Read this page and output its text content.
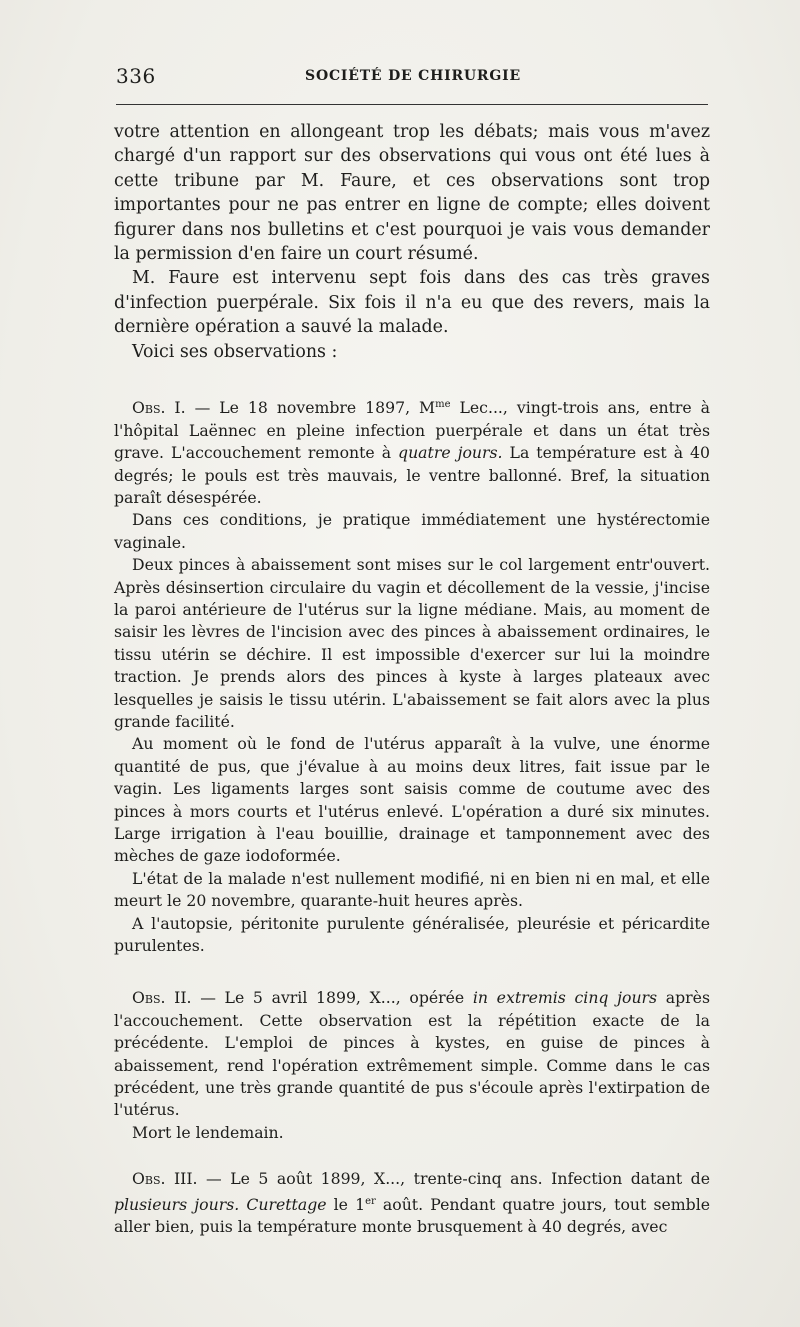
336	SOCIÉTÉ DE CHIRURGIE

votre attention en allongeant trop les débats; mais vous m'avez chargé d'un rapport sur des observations qui vous ont été lues à cette tribune par M. Faure, et ces observations sont trop importantes pour ne pas entrer en ligne de compte; elles doivent figurer dans nos bulletins et c'est pourquoi je vais vous demander la permission d'en faire un court résumé.

M. Faure est intervenu sept fois dans des cas très graves d'infection puerpérale. Six fois il n'a eu que des revers, mais la dernière opération a sauvé la malade.

Voici ses observations :

Obs. I. — Le 18 novembre 1897, $M^{me}$ Lec..., vingt-trois ans, entre à l'hôpital Laënnec en pleine infection puerpérale et dans un état très grave. L'accouchement remonte à quatre jours. La température est à 40 degrés; le pouls est très mauvais, le ventre ballonné. Bref, la situation paraît désespérée.

Dans ces conditions, je pratique immédiatement une hystérectomie vaginale.

Deux pinces à abaissement sont mises sur le col largement entr'ouvert. Après désinsertion circulaire du vagin et décollement de la vessie, j'incise la paroi antérieure de l'utérus sur la ligne médiane. Mais, au moment de saisir les lèvres de l'incision avec des pinces à abaissement ordinaires, le tissu utérin se déchire. Il est impossible d'exercer sur lui la moindre traction. Je prends alors des pinces à kyste à larges plateaux avec lesquelles je saisis le tissu utérin. L'abaissement se fait alors avec la plus grande facilité.

Au moment où le fond de l'utérus apparaît à la vulve, une énorme quantité de pus, que j'évalue à au moins deux litres, fait issue par le vagin. Les ligaments larges sont saisis comme de coutume avec des pinces à mors courts et l'utérus enlevé. L'opération a duré six minutes. Large irrigation à l'eau bouillie, drainage et tamponnement avec des mèches de gaze iodoformée.

L'état de la malade n'est nullement modifié, ni en bien ni en mal, et elle meurt le 20 novembre, quarante-huit heures après.

A l'autopsie, péritonite purulente généralisée, pleurésie et péricardite purulentes.

Obs. II. — Le 5 avril 1899, X..., opérée in extremis cinq jours après l'accouchement. Cette observation est la répétition exacte de la précédente. L'emploi de pinces à kystes, en guise de pinces à abaissement, rend l'opération extrêmement simple. Comme dans le cas précédent, une très grande quantité de pus s'écoule après l'extirpation de l'utérus.

Mort le lendemain.

Obs. III. — Le 5 août 1899, X..., trente-cinq ans. Infection datant de plusieurs jours. Curettage le 1er août. Pendant quatre jours, tout semble aller bien, puis la température monte brusquement à 40 degrés, avec
